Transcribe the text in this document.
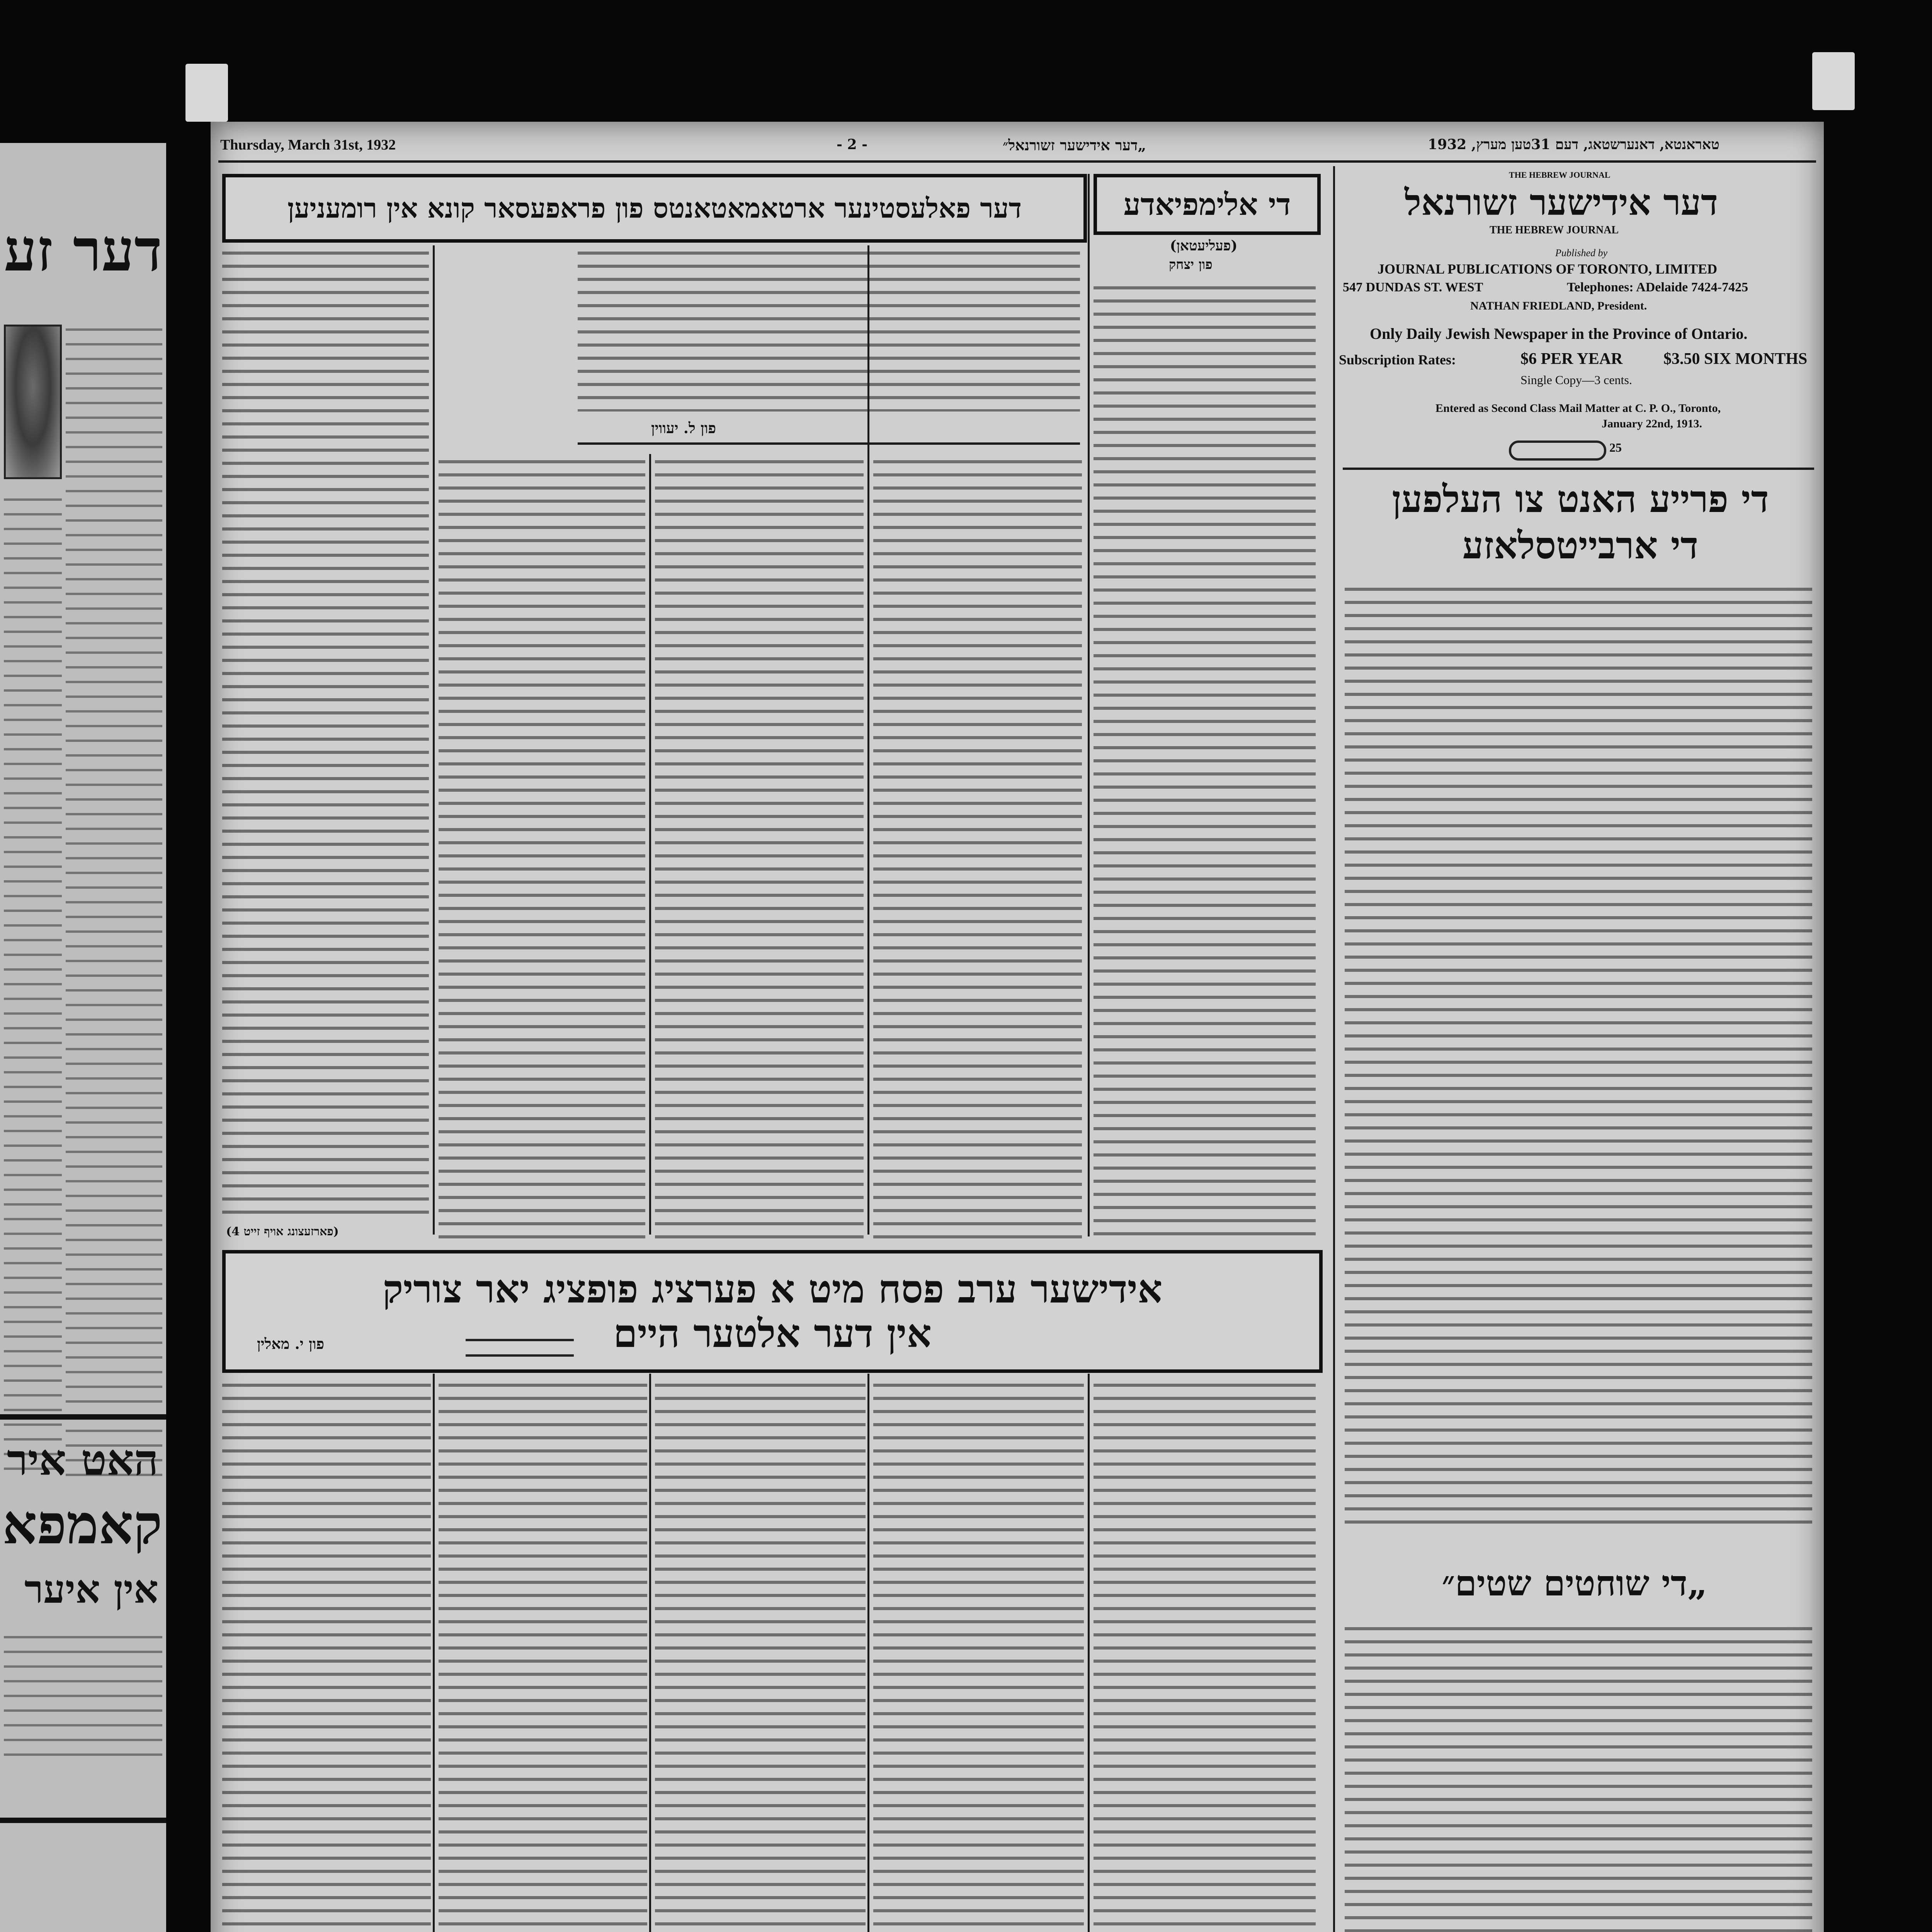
דער זע
האט איר
קאמפא
אין איער
Thursday, March 31st, 1932	- 2 -	„דער אידישער זשורנאל״	טאראנטא, דאנערשטאג, דעם 31טען מערץ, 1932
THE HEBREW JOURNAL
דער אידישער זשורנאל
THE HEBREW JOURNAL
Published by
JOURNAL PUBLICATIONS OF TORONTO, LIMITED
547 DUNDAS ST. WEST	Telephones: ADelaide 7424-7425
NATHAN FRIEDLAND, President.
Only Daily Jewish Newspaper in the Province of Ontario.
Subscription Rates:	$6 PER YEAR	$3.50 SIX MONTHS
Single Copy—3 cents.
Entered as Second Class Mail Matter at C. P. O., Toronto,
January 22nd, 1913.
25
די פרייע האנט צו העלפען
די ארבייטסלאזע
„די שוחטים שטים״
די אלימפיאדע
(פעליעטאן)
פון יצחק
דער פאלעסטינער ארטאמאטאנטס פון פראפעסאר קונא אין רומעניען
פון ל. יעווין
(פארזעצונג אויף זייט 4)
אידישער ערב פסח מיט א פערציג פופציג יאר צוריק
אין דער אלטער היים
פון י. מאלין
